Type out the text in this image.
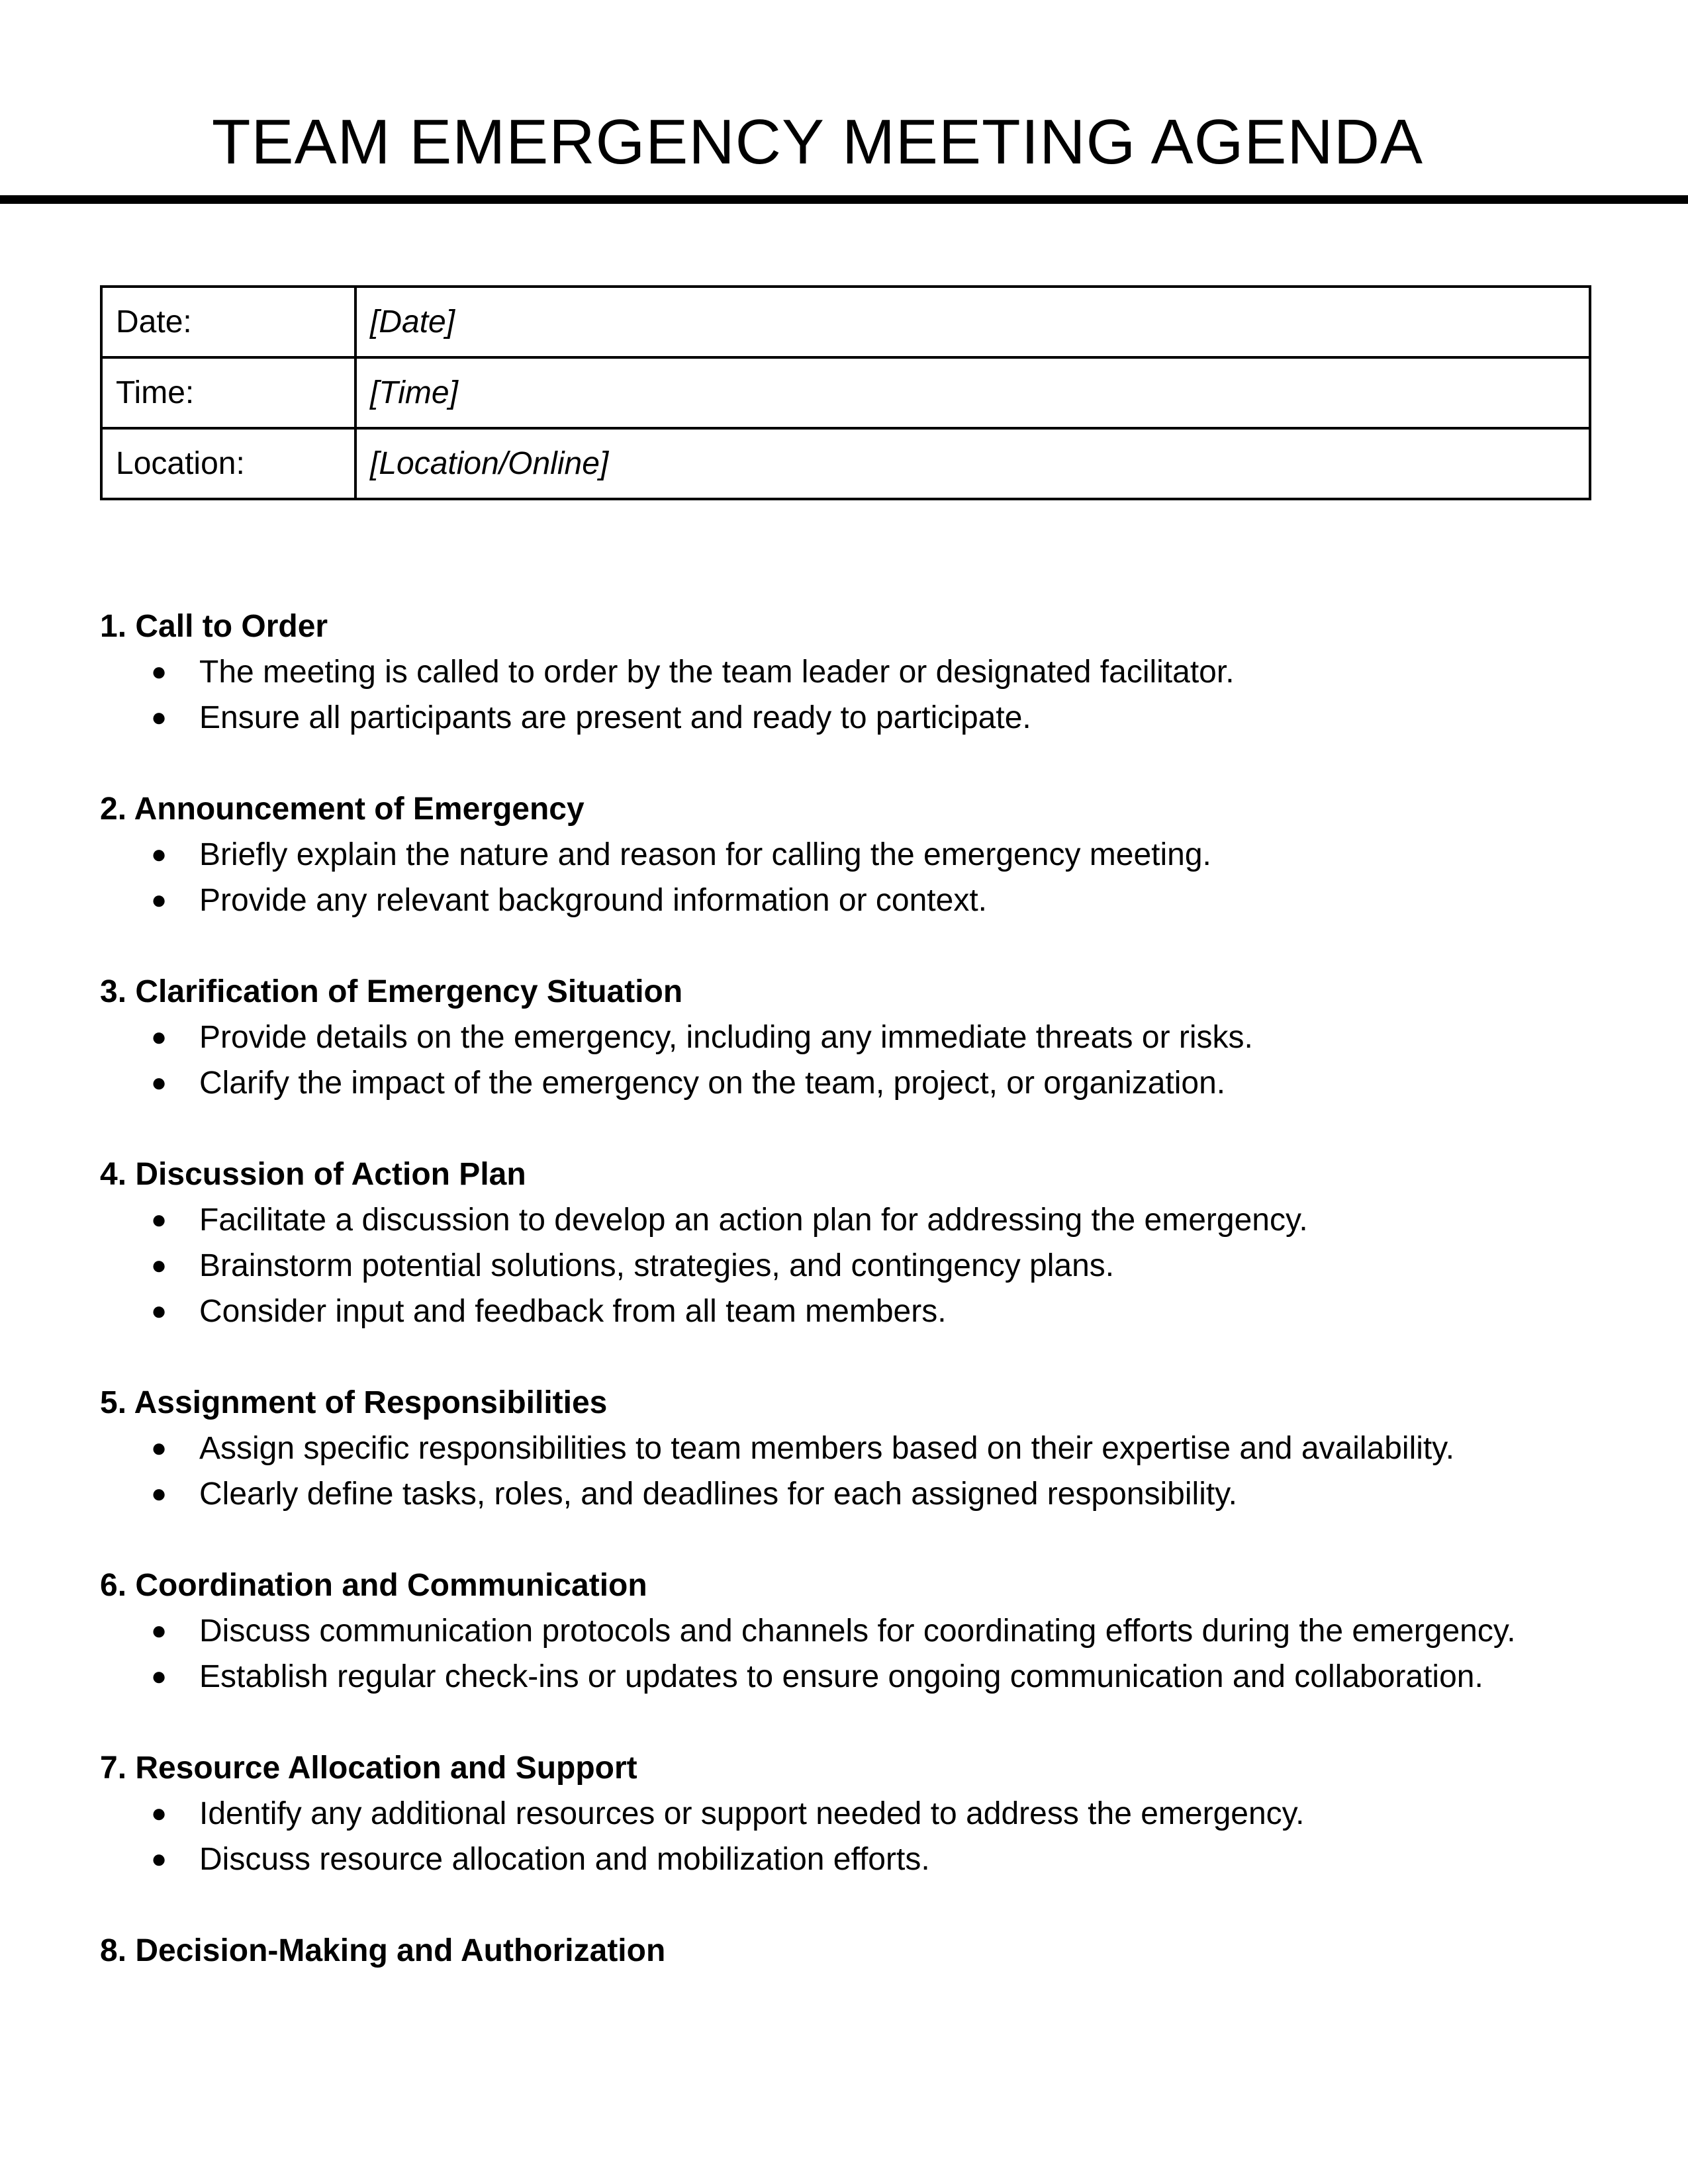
TEAM EMERGENCY MEETING AGENDA
Date:	[Date]
Time:	[Time]
Location:	[Location/Online]
1. Call to Order
● The meeting is called to order by the team leader or designated facilitator.
● Ensure all participants are present and ready to participate.
2. Announcement of Emergency
● Briefly explain the nature and reason for calling the emergency meeting.
● Provide any relevant background information or context.
3. Clarification of Emergency Situation
● Provide details on the emergency, including any immediate threats or risks.
● Clarify the impact of the emergency on the team, project, or organization.
4. Discussion of Action Plan
● Facilitate a discussion to develop an action plan for addressing the emergency.
● Brainstorm potential solutions, strategies, and contingency plans.
● Consider input and feedback from all team members.
5. Assignment of Responsibilities
● Assign specific responsibilities to team members based on their expertise and availability.
● Clearly define tasks, roles, and deadlines for each assigned responsibility.
6. Coordination and Communication
● Discuss communication protocols and channels for coordinating efforts during the emergency.
● Establish regular check-ins or updates to ensure ongoing communication and collaboration.
7. Resource Allocation and Support
● Identify any additional resources or support needed to address the emergency.
● Discuss resource allocation and mobilization efforts.
8. Decision-Making and Authorization
